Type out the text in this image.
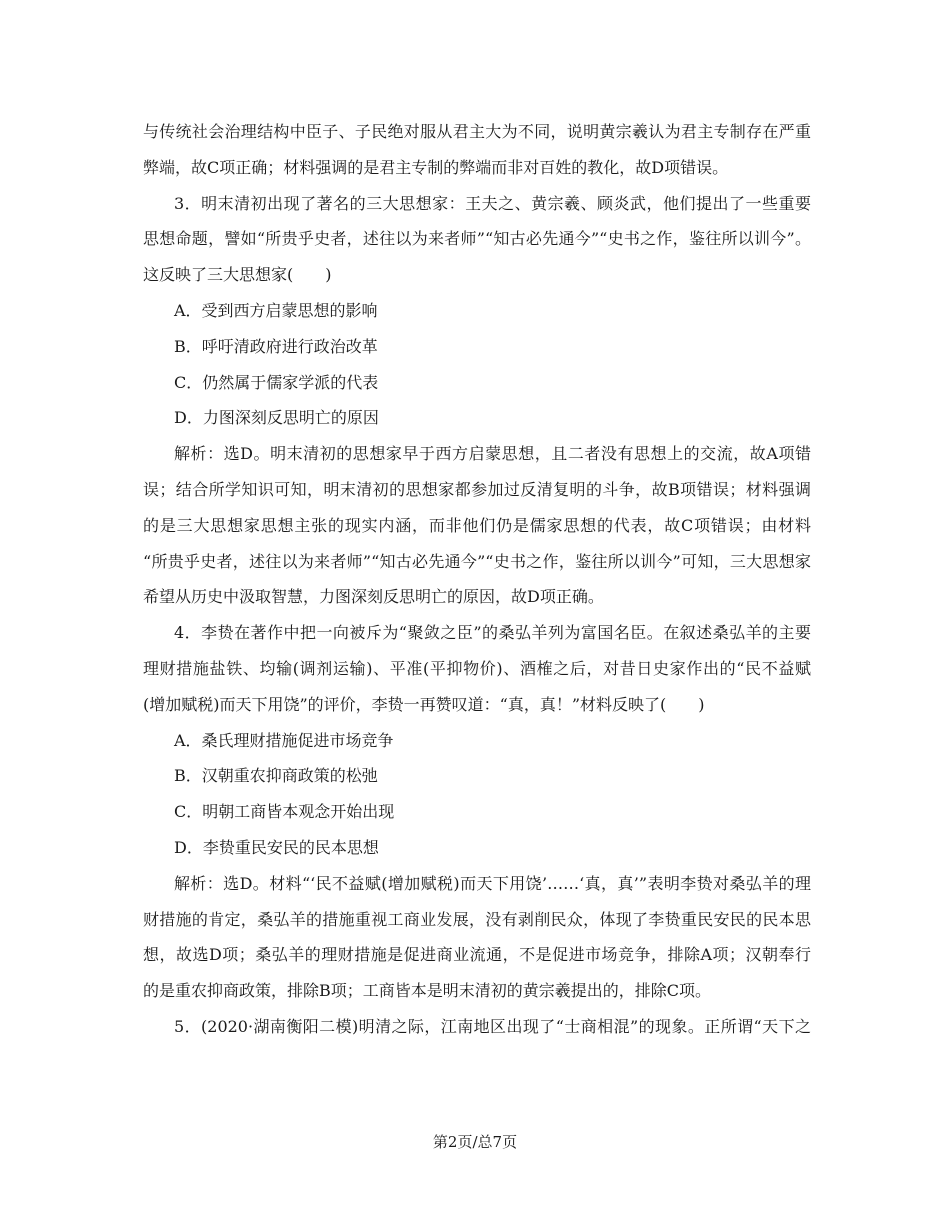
与传统社会治理结构中臣子、子民绝对服从君主大为不同，说明黄宗羲认为君主专制存在严重
弊端，故C项正确；材料强调的是君主专制的弊端而非对百姓的教化，故D项错误。
3．明末清初出现了著名的三大思想家：王夫之、黄宗羲、顾炎武，他们提出了一些重要
思想命题，譬如“所贵乎史者，述往以为来者师”“知古必先通今”“史书之作，鉴往所以训今”。
这反映了三大思想家(　　)
A．受到西方启蒙思想的影响
B．呼吁清政府进行政治改革
C．仍然属于儒家学派的代表
D．力图深刻反思明亡的原因
解析：选D。明末清初的思想家早于西方启蒙思想，且二者没有思想上的交流，故A项错
误；结合所学知识可知，明末清初的思想家都参加过反清复明的斗争，故B项错误；材料强调
的是三大思想家思想主张的现实内涵，而非他们仍是儒家思想的代表，故C项错误；由材料
“所贵乎史者，述往以为来者师”“知古必先通今”“史书之作，鉴往所以训今”可知，三大思想家
希望从历史中汲取智慧，力图深刻反思明亡的原因，故D项正确。
4．李贽在著作中把一向被斥为“聚敛之臣”的桑弘羊列为富国名臣。在叙述桑弘羊的主要
理财措施盐铁、均输(调剂运输)、平准(平抑物价)、酒榷之后，对昔日史家作出的“民不益赋
(增加赋税)而天下用饶”的评价，李贽一再赞叹道：“真，真！”材料反映了(　　)
A．桑氏理财措施促进市场竞争
B．汉朝重农抑商政策的松弛
C．明朝工商皆本观念开始出现
D．李贽重民安民的民本思想
解析：选D。材料“‘民不益赋(增加赋税)而天下用饶’……‘真，真’”表明李贽对桑弘羊的理
财措施的肯定，桑弘羊的措施重视工商业发展，没有剥削民众，体现了李贽重民安民的民本思
想，故选D项；桑弘羊的理财措施是促进商业流通，不是促进市场竞争，排除A项；汉朝奉行
的是重农抑商政策，排除B项；工商皆本是明末清初的黄宗羲提出的，排除C项。
5．(2020·湖南衡阳二模)明清之际，江南地区出现了“士商相混”的现象。正所谓“天下之
第2页/总7页
